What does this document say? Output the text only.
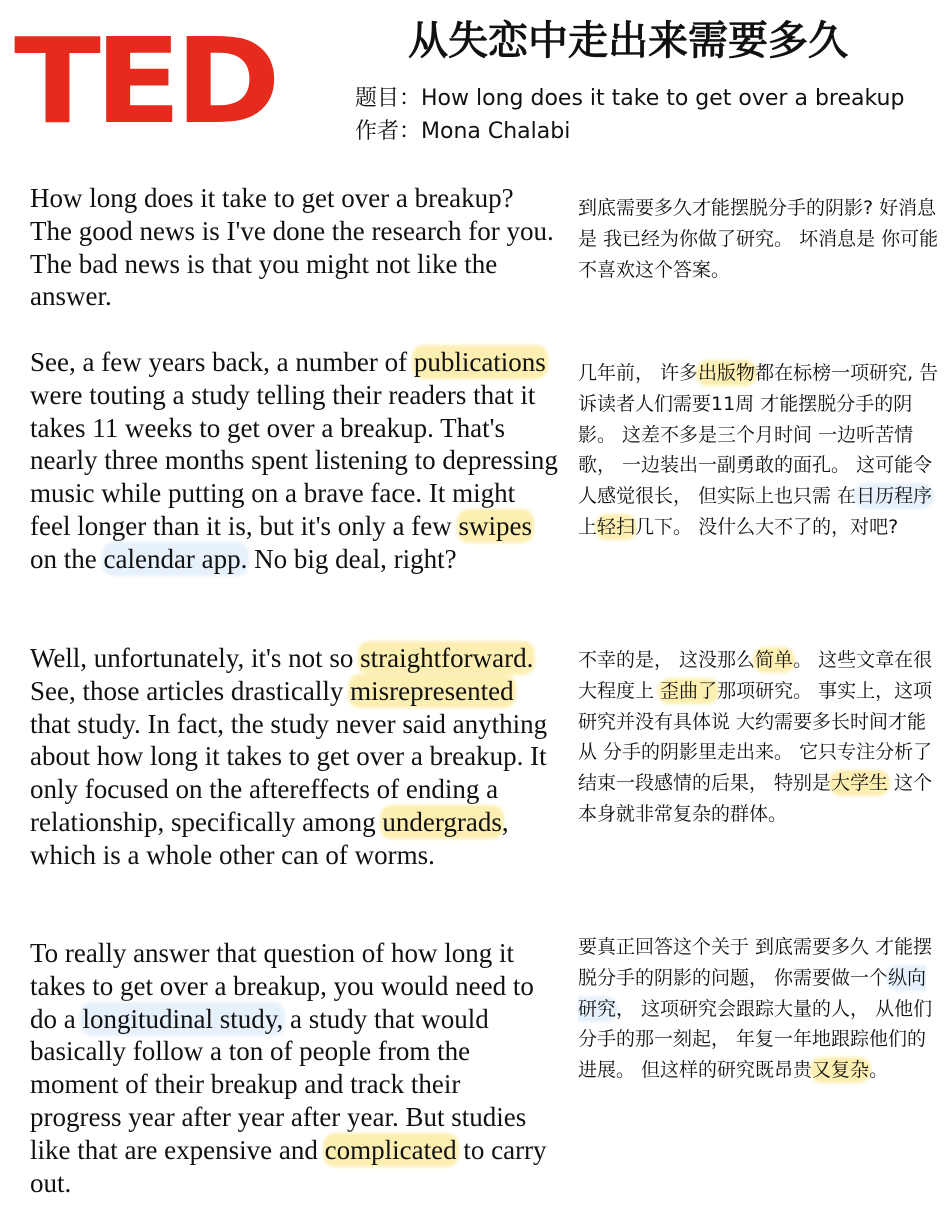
TED	从失恋中走出来需要多久
题目：How long does it take to get over a breakup
作者：Mona Chalabi
How long does it take to get over a breakup? The good news is I've done the research for you. The bad news is that you might not like the answer.
到底需要多久才能摆脱分手的阴影? 好消息是 我已经为你做了研究。 坏消息是 你可能不喜欢这个答案。
See, a few years back, a number of publications were touting a study telling their readers that it takes 11 weeks to get over a breakup. That's nearly three months spent listening to depressing music while putting on a brave face. It might feel longer than it is, but it's only a few swipes on the calendar app. No big deal, right?
几年前， 许多出版物都在标榜一项研究, 告诉读者人们需要11周 才能摆脱分手的阴影。 这差不多是三个月时间 一边听苦情歌， 一边装出一副勇敢的面孔。 这可能令人感觉很长， 但实际上也只需 在日历程序上轻扫几下。 没什么大不了的，对吧?
Well, unfortunately, it's not so straightforward. See, those articles drastically misrepresented that study. In fact, the study never said anything about how long it takes to get over a breakup. It only focused on the aftereffects of ending a relationship, specifically among undergrads, which is a whole other can of worms.
不幸的是， 这没那么简单。 这些文章在很大程度上 歪曲了那项研究。 事实上，这项研究并没有具体说 大约需要多长时间才能从 分手的阴影里走出来。 它只专注分析了 结束一段感情的后果， 特别是大学生 这个本身就非常复杂的群体。
To really answer that question of how long it takes to get over a breakup, you would need to do a longitudinal study, a study that would basically follow a ton of people from the moment of their breakup and track their progress year after year after year. But studies like that are expensive and complicated to carry out.
要真正回答这个关于 到底需要多久 才能摆脱分手的阴影的问题， 你需要做一个纵向研究， 这项研究会跟踪大量的人， 从他们分手的那一刻起， 年复一年地跟踪他们的进展。 但这样的研究既昂贵又复杂。
